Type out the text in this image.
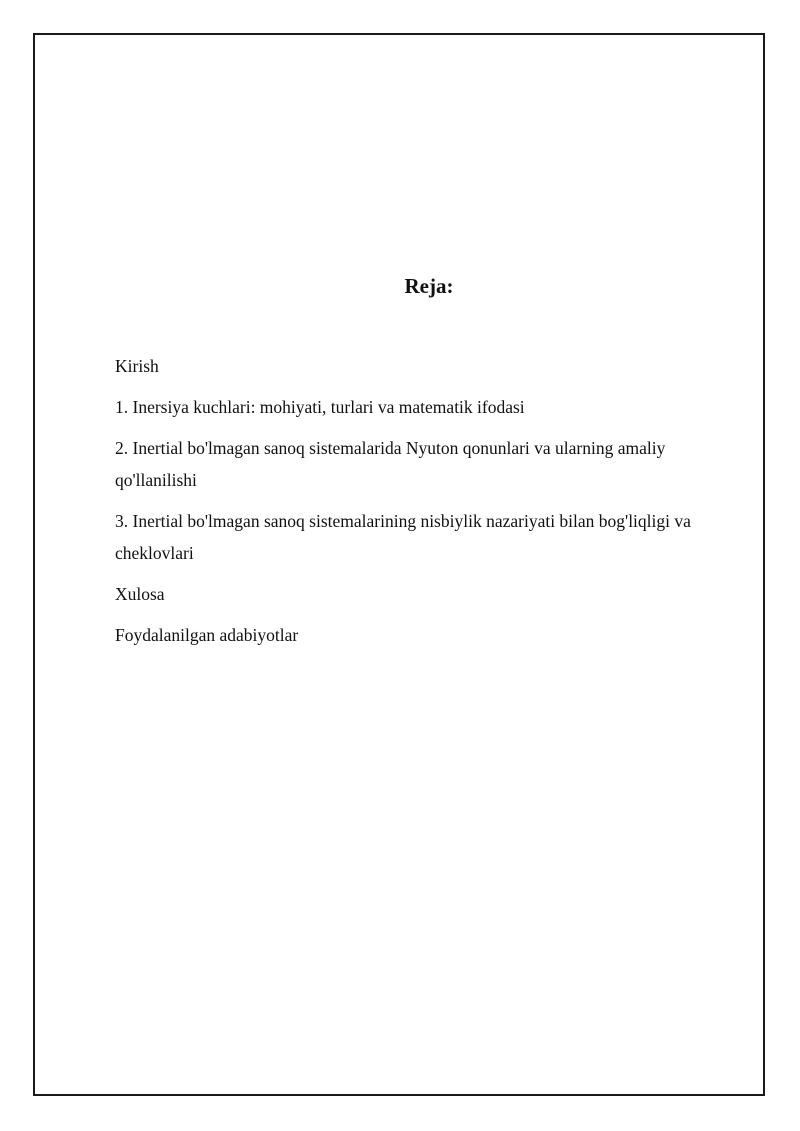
Reja:
Kirish
1. Inersiya kuchlari: mohiyati, turlari va matematik ifodasi
2. Inertial bo'lmagan sanoq sistemalarida Nyuton qonunlari va ularning amaliy qo'llanilishi
3. Inertial bo'lmagan sanoq sistemalarining nisbiylik nazariyati bilan bog'liqligi va cheklovlari
Xulosa
Foydalanilgan adabiyotlar
